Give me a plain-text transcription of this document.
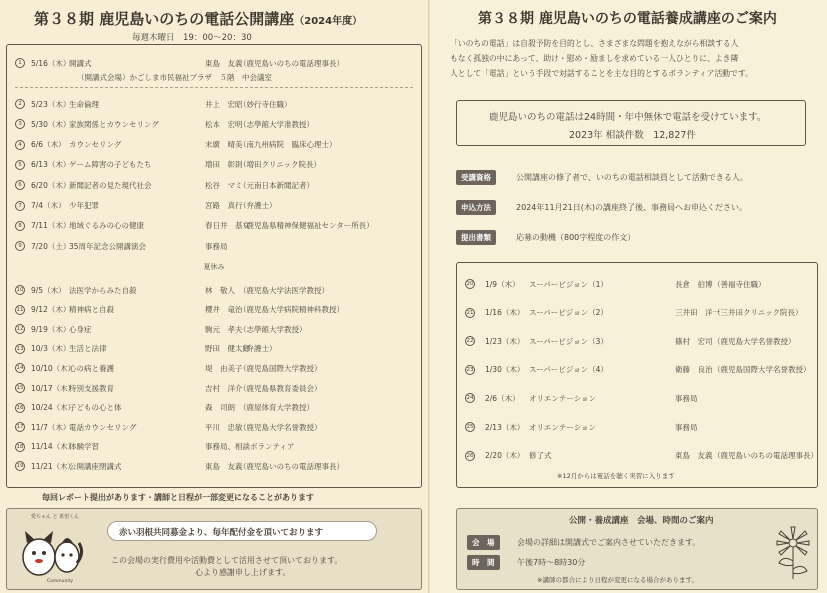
第３８期 鹿児島いのちの電話公開講座（2024年度）
毎週木曜日　19：00～20：30
1	5/16（木）
開講式	東島　友義
（鹿児島いのちの電話理事長）
（開講式会場）かごしま市民福祉プラザ　５階　中会議室
2	5/23（木）
生命倫理	井上　宏昭
（妙行寺住職）
3	5/30（木）
家族関係とカウンセリング	松本　宏明
（志學館大学准教授）
4	6/6（木） カウンセリング	末廣　晴美
（南九州病院　臨床心理士）
5	6/13（木）
ゲーム障害の子どもたち	増田　彰則
（増田クリニック院長）
6	6/20（木）
新聞記者の見た現代社会	松谷　マミ
（元南日本新聞記者）
7	7/4（木） 少年犯罪	宮路　真行
（弁護士）
8	7/11（木）
地域ぐるみの心の健康	春日井　基文
（鹿児島県精神保健福祉センター所長）
9	7/20（土）
35周年記念公開講演会	事務局
夏休み
10 9/5（木） 法医学からみた自殺	林　敬人 （鹿児島大学法医学教授）
11 9/12（木）
精神病と自殺	櫻井　竜治
（鹿児島大学病院精神科教授）
12 9/19（木）
心身症	駒元　孝夫
（志學館大学教授）
13 10/3（木）
生活と法律	野田　健太郎
（弁護士）
14 10/10（木）
心の病と養護	堤　由美子
（鹿児島国際大学教授）
15 10/17（木）
特別支援教育	吉村　洋介
（鹿児島県教育委員会）
16 10/24（木）
子どもの心と体	森　司朗 （鹿屋体育大学教授）
17 11/7（木）
電話カウンセリング	平川　忠敏
（鹿児島大学名誉教授）
18 11/14（木）
体験学習	事務局、相談ボランティア
19 11/21（木）
公開講座閉講式	東島　友義
（鹿児島いのちの電話理事長）
毎回レポート提出があります・講師と日程が一部変更になることがあります
愛ちゃん と 希望くん
Community
赤い羽根共同募金より、毎年配付金を頂いております
この会場の実行費用や活動費として活用させて頂いております。
心より感謝申し上げます。
第３８期 鹿児島いのちの電話養成講座のご案内
「いのちの電話」は自殺予防を目的とし、さまざまな問題を抱えながら相談する人
もなく孤独の中にあって、助け・慰め・励ましを求めている一人ひとりに、よき隣
人として「電話」という手段で対話することを主な目的とするボランティア活動です。
鹿児島いのちの電話は24時間・年中無休で電話を受けています。
2023年 相談件数　12,827件
受講資格	公開講座の修了者で、いのちの電話相談員として活動できる人。
申込方法	2024年11月21日(木)の講座終了後、事務局へお申込ください。
提出書類	応募の動機（800字程度の作文）
20 1/9（木） スーパービジョン（1）	長倉　伯博 （善福寺住職）
21 1/16（木） スーパービジョン（2）	三井田　洋一
（三井田クリニック院長）
22 1/23（木） スーパービジョン（3）	篠村　宏司 （鹿児島大学名誉教授）
23 1/30（木） スーパービジョン（4）	衛藤　良治 （鹿児島国際大学名誉教授）
24 2/6（木） オリエンテーション	事務局
25 2/13（木） オリエンテーション	事務局
26 2/20（木） 修了式	東島　友義 （鹿児島いのちの電話理事長）
※12月からは電話を聴く実習に入ります
公開・養成講座　会場、時間のご案内
会　場	会場の詳細は開講式でご案内させていただきます。
時　間	午後7時～8時30分
※講師の都合により日程が変更になる場合があります。
